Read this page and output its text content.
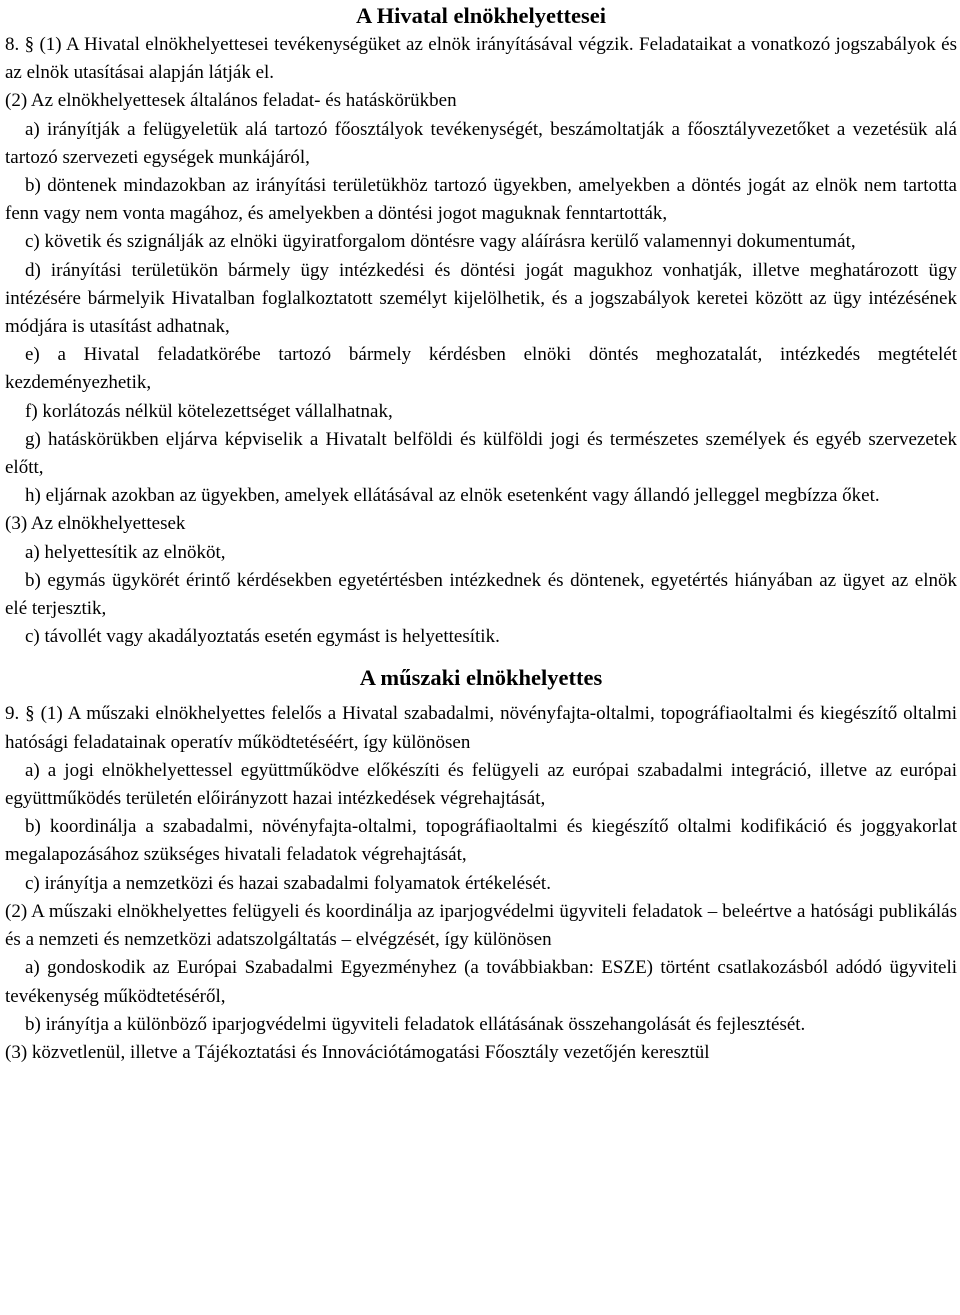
A Hivatal elnökhelyettesei

8. § (1) A Hivatal elnökhelyettesei tevékenységüket az elnök irányításával végzik. Feladataikat a vonatkozó jogszabályok és az elnök utasításai alapján látják el.

(2) Az elnökhelyettesek általános feladat- és hatáskörükben

a) irányítják a felügyeletük alá tartozó főosztályok tevékenységét, beszámoltatják a főosztályvezetőket a vezetésük alá tartozó szervezeti egységek munkájáról,

b) döntenek mindazokban az irányítási területükhöz tartozó ügyekben, amelyekben a döntés jogát az elnök nem tartotta fenn vagy nem vonta magához, és amelyekben a döntési jogot maguknak fenntartották,

c) követik és szignálják az elnöki ügyiratforgalom döntésre vagy aláírásra kerülő valamennyi dokumentumát,

d) irányítási területükön bármely ügy intézkedési és döntési jogát magukhoz vonhatják, illetve meghatározott ügy intézésére bármelyik Hivatalban foglalkoztatott személyt kijelölhetik, és a jogszabályok keretei között az ügy intézésének módjára is utasítást adhatnak,

e) a Hivatal feladatkörébe tartozó bármely kérdésben elnöki döntés meghozatalát, intézkedés megtételét kezdeményezhetik,

f) korlátozás nélkül kötelezettséget vállalhatnak,

g) hatáskörükben eljárva képviselik a Hivatalt belföldi és külföldi jogi és természetes személyek és egyéb szervezetek előtt,

h) eljárnak azokban az ügyekben, amelyek ellátásával az elnök esetenként vagy állandó jelleggel megbízza őket.

(3) Az elnökhelyettesek

a) helyettesítik az elnököt,

b) egymás ügykörét érintő kérdésekben egyetértésben intézkednek és döntenek, egyetértés hiányában az ügyet az elnök elé terjesztik,

c) távollét vagy akadályoztatás esetén egymást is helyettesítik.

A műszaki elnökhelyettes

9. § (1) A műszaki elnökhelyettes felelős a Hivatal szabadalmi, növényfajta-oltalmi, topográfiaoltalmi és kiegészítő oltalmi hatósági feladatainak operatív működtetéséért, így különösen

a) a jogi elnökhelyettessel együttműködve előkészíti és felügyeli az európai szabadalmi integráció, illetve az európai együttműködés területén előirányzott hazai intézkedések végrehajtását,

b) koordinálja a szabadalmi, növényfajta-oltalmi, topográfiaoltalmi és kiegészítő oltalmi kodifikáció és joggyakorlat megalapozásához szükséges hivatali feladatok végrehajtását,

c) irányítja a nemzetközi és hazai szabadalmi folyamatok értékelését.

(2) A műszaki elnökhelyettes felügyeli és koordinálja az iparjogvédelmi ügyviteli feladatok – beleértve a hatósági publikálás és a nemzeti és nemzetközi adatszolgáltatás – elvégzését, így különösen

a) gondoskodik az Európai Szabadalmi Egyezményhez (a továbbiakban: ESZE) történt csatlakozásból adódó ügyviteli tevékenység működtetéséről,

b) irányítja a különböző iparjogvédelmi ügyviteli feladatok ellátásának összehangolását és fejlesztését.

(3) közvetlenül, illetve a Tájékoztatási és Innovációtámogatási Főosztály vezetőjén keresztül
